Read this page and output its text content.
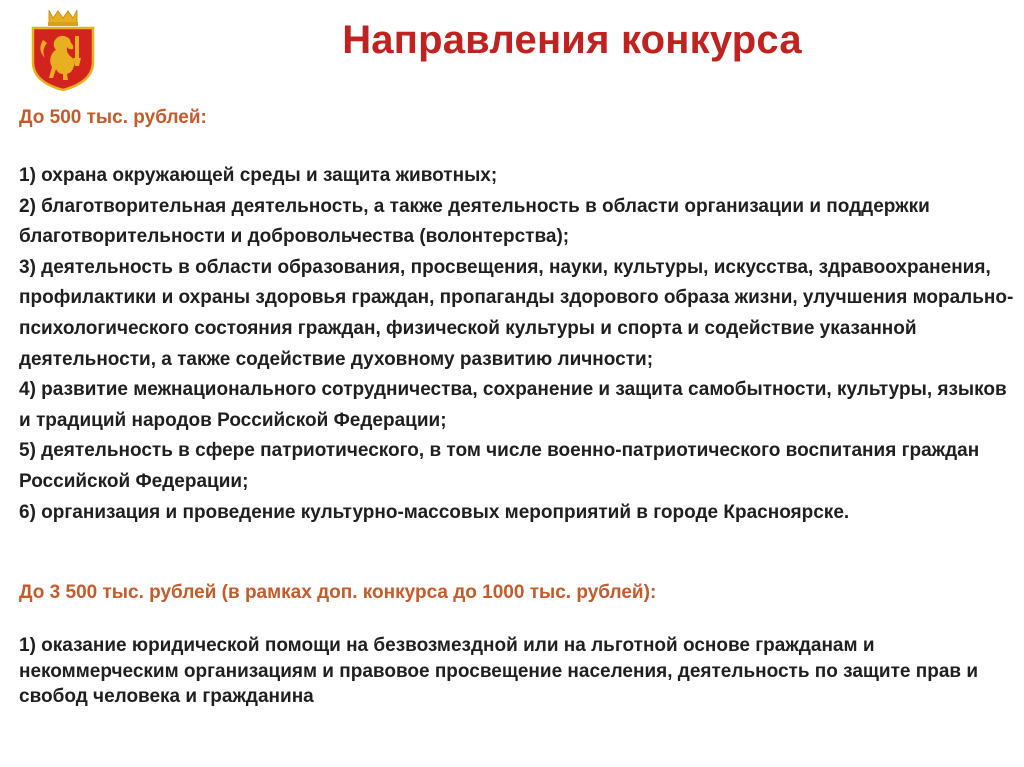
Направления конкурса

До 500 тыс. рублей:

1) охрана окружающей среды и защита животных;
2) благотворительная деятельность, а также деятельность в области организации и поддержки благотворительности и добровольчества (волонтерства);
3) деятельность в области образования, просвещения, науки, культуры, искусства, здравоохранения, профилактики и охраны здоровья граждан, пропаганды здорового образа жизни, улучшения морально-психологического состояния граждан, физической культуры и спорта и содействие указанной деятельности, а также содействие духовному развитию личности;
4) развитие межнационального сотрудничества, сохранение и защита самобытности, культуры, языков и традиций народов Российской Федерации;
5) деятельность в сфере патриотического, в том числе военно-патриотического воспитания граждан Российской Федерации;
6) организация и проведение культурно-массовых мероприятий в городе Красноярске.

До 3 500 тыс. рублей (в рамках доп. конкурса до 1000 тыс. рублей):

1) оказание юридической помощи на безвозмездной или на льготной основе гражданам и некоммерческим организациям и правовое просвещение населения, деятельность по защите прав и свобод человека и гражданина
